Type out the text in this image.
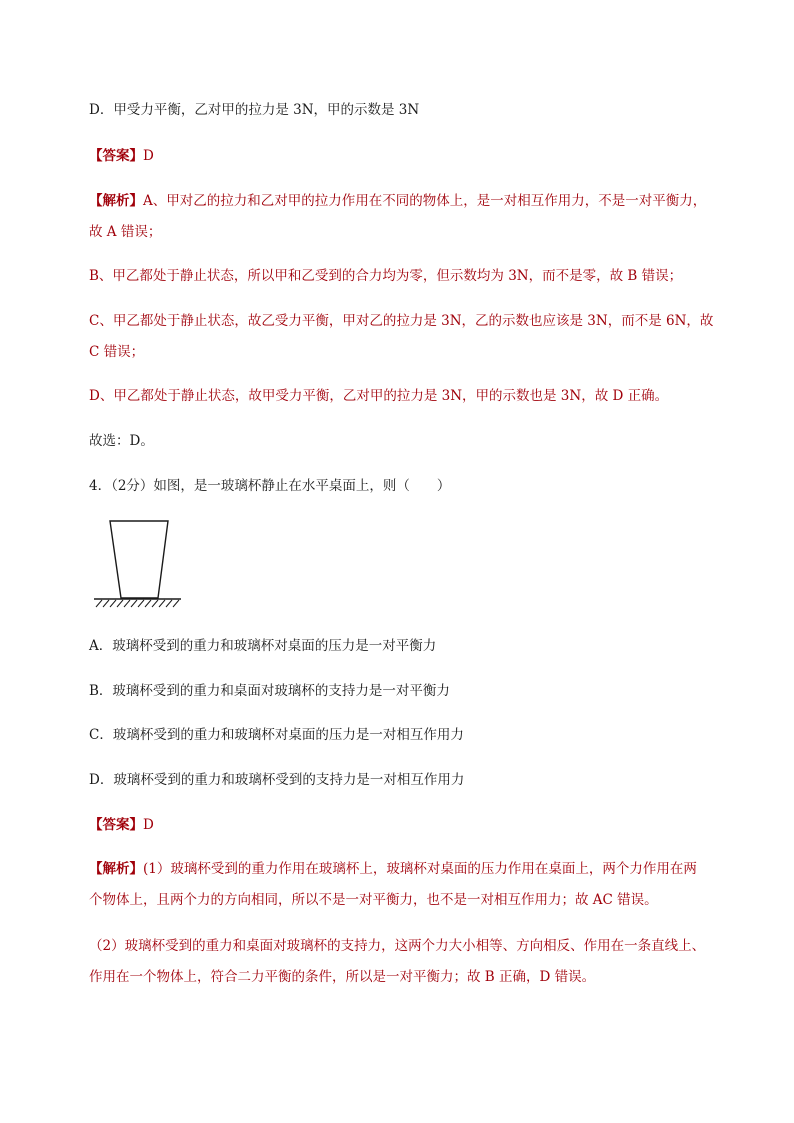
D．甲受力平衡，乙对甲的拉力是 3N，甲的示数是 3N
【答案】D
【解析】A、甲对乙的拉力和乙对甲的拉力作用在不同的物体上，是一对相互作用力，不是一对平衡力，
故 A 错误；
B、甲乙都处于静止状态，所以甲和乙受到的合力均为零，但示数均为 3N，而不是零，故 B 错误；
C、甲乙都处于静止状态，故乙受力平衡，甲对乙的拉力是 3N，乙的示数也应该是 3N，而不是 6N，故
C 错误；
D、甲乙都处于静止状态，故甲受力平衡，乙对甲的拉力是 3N，甲的示数也是 3N，故 D 正确。
故选：D。
4．（2分）如图，是一玻璃杯静止在水平桌面上，则（　　）
A．玻璃杯受到的重力和玻璃杯对桌面的压力是一对平衡力
B．玻璃杯受到的重力和桌面对玻璃杯的支持力是一对平衡力
C．玻璃杯受到的重力和玻璃杯对桌面的压力是一对相互作用力
D．玻璃杯受到的重力和玻璃杯受到的支持力是一对相互作用力
【答案】D
【解析】(1）玻璃杯受到的重力作用在玻璃杯上，玻璃杯对桌面的压力作用在桌面上，两个力作用在两
个物体上，且两个力的方向相同，所以不是一对平衡力，也不是一对相互作用力；故 AC 错误。
（2）玻璃杯受到的重力和桌面对玻璃杯的支持力，这两个力大小相等、方向相反、作用在一条直线上、
作用在一个物体上，符合二力平衡的条件，所以是一对平衡力；故 B 正确，D 错误。
